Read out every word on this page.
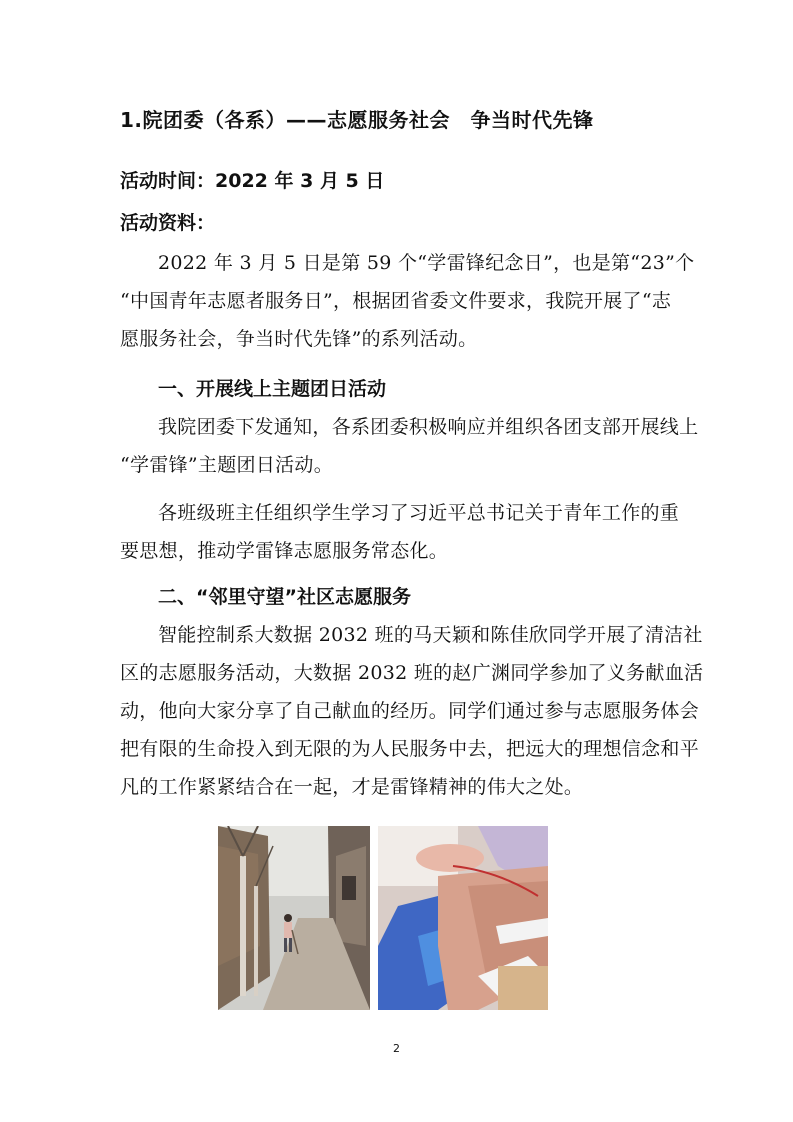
1.院团委（各系）——志愿服务社会　争当时代先锋
活动时间：2022 年 3 月 5 日
活动资料：
2022 年 3 月 5 日是第 59 个“学雷锋纪念日”，也是第“23”个
“中国青年志愿者服务日”，根据团省委文件要求，我院开展了“志
愿服务社会，争当时代先锋”的系列活动。
一、开展线上主题团日活动
我院团委下发通知，各系团委积极响应并组织各团支部开展线上
“学雷锋”主题团日活动。
各班级班主任组织学生学习了习近平总书记关于青年工作的重
要思想，推动学雷锋志愿服务常态化。
二、“邻里守望”社区志愿服务
智能控制系大数据 2032 班的马天颖和陈佳欣同学开展了清洁社
区的志愿服务活动，大数据 2032 班的赵广渊同学参加了义务献血活
动，他向大家分享了自己献血的经历。同学们通过参与志愿服务体会
把有限的生命投入到无限的为人民服务中去，把远大的理想信念和平
凡的工作紧紧结合在一起，才是雷锋精神的伟大之处。
2
